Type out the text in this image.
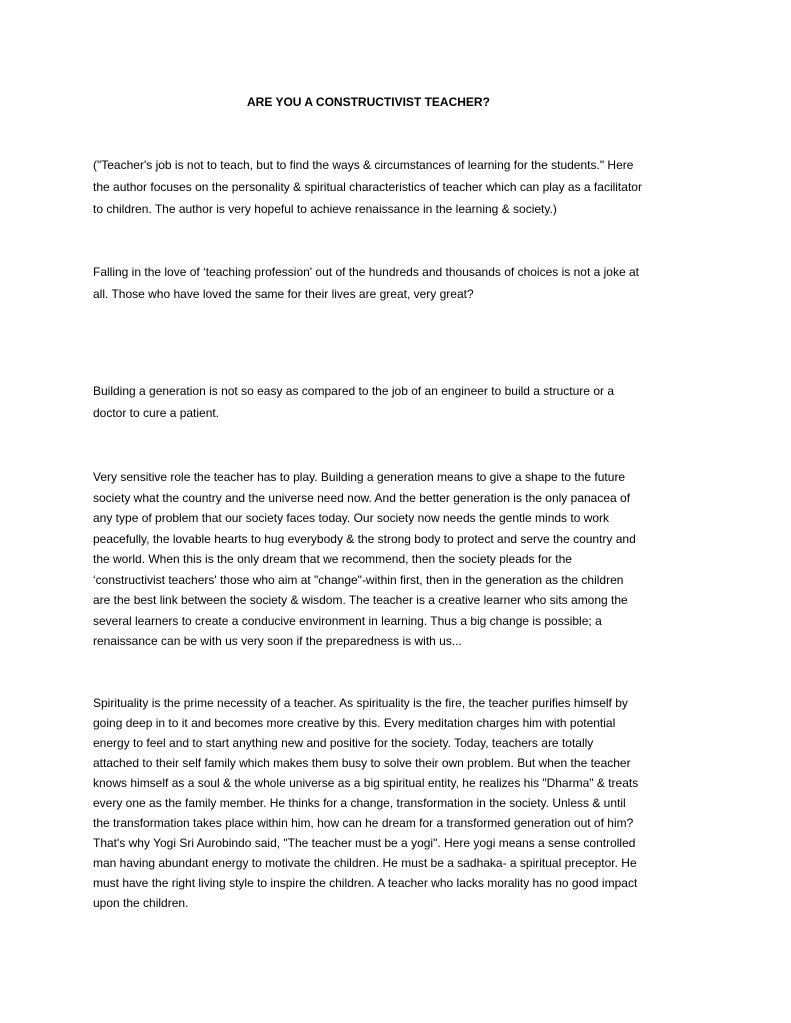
ARE YOU A CONSTRUCTIVIST TEACHER?
("Teacher's job is not to teach, but to find the ways & circumstances of learning for the students." Here
the author focuses on the personality & spiritual characteristics of teacher which can play as a facilitator
to children. The author is very hopeful to achieve renaissance in the learning & society.)
Falling in the love of ‘teaching profession' out of the hundreds and thousands of choices is not a joke at
all. Those who have loved the same for their lives are great, very great?
Building a generation is not so easy as compared to the job of an engineer to build a structure or a
doctor to cure a patient.
Very sensitive role the teacher has to play. Building a generation means to give a shape to the future
society what the country and the universe need now. And the better generation is the only panacea of
any type of problem that our society faces today. Our society now needs the gentle minds to work
peacefully, the lovable hearts to hug everybody & the strong body to protect and serve the country and
the world. When this is the only dream that we recommend, then the society pleads for the
‘constructivist teachers' those who aim at "change"-within first, then in the generation as the children
are the best link between the society & wisdom. The teacher is a creative learner who sits among the
several learners to create a conducive environment in learning. Thus a big change is possible; a
renaissance can be with us very soon if the preparedness is with us...
Spirituality is the prime necessity of a teacher. As spirituality is the fire, the teacher purifies himself by
going deep in to it and becomes more creative by this. Every meditation charges him with potential
energy to feel and to start anything new and positive for the society. Today, teachers are totally
attached to their self family which makes them busy to solve their own problem. But when the teacher
knows himself as a soul & the whole universe as a big spiritual entity, he realizes his "Dharma" & treats
every one as the family member. He thinks for a change, transformation in the society. Unless & until
the transformation takes place within him, how can he dream for a transformed generation out of him?
That's why Yogi Sri Aurobindo said, "The teacher must be a yogi". Here yogi means a sense controlled
man having abundant energy to motivate the children. He must be a sadhaka- a spiritual preceptor. He
must have the right living style to inspire the children. A teacher who lacks morality has no good impact
upon the children.
